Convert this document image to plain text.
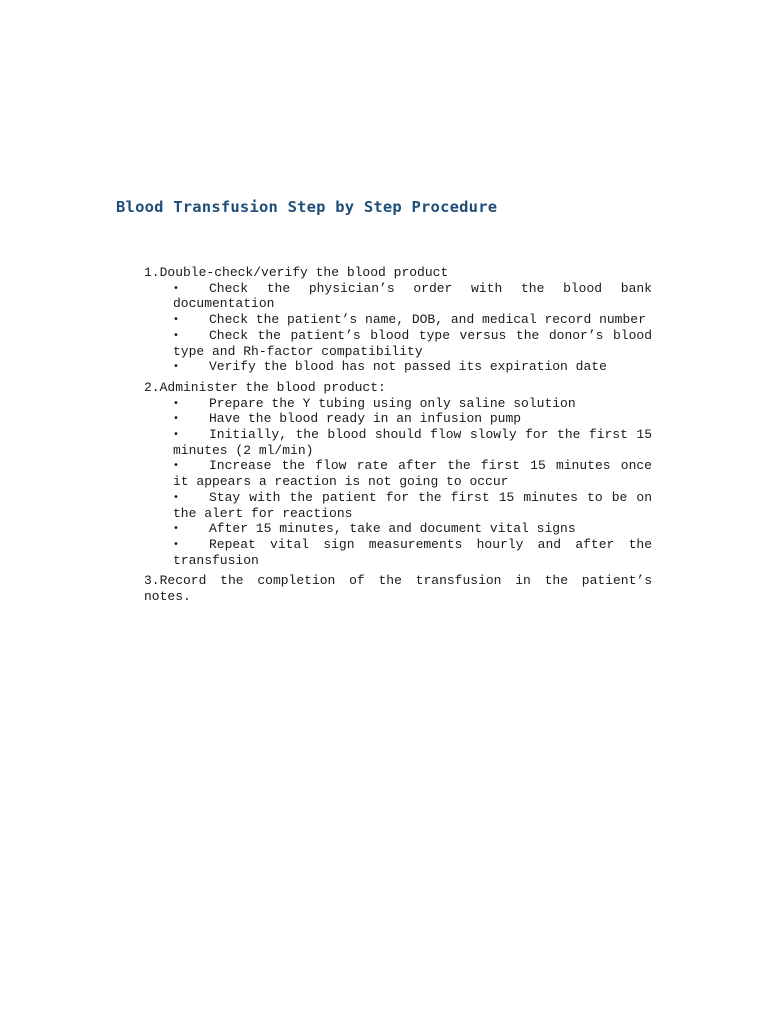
Blood Transfusion Step by Step Procedure
1.Double-check/verify the blood product
• Check the physician’s order with the blood bank documentation
• Check the patient’s name, DOB, and medical record number
• Check the patient’s blood type versus the donor’s blood type and Rh-factor compatibility
• Verify the blood has not passed its expiration date
2.Administer the blood product:
• Prepare the Y tubing using only saline solution
• Have the blood ready in an infusion pump
• Initially, the blood should flow slowly for the first 15 minutes (2 ml/min)
• Increase the flow rate after the first 15 minutes once it appears a reaction is not going to occur
• Stay with the patient for the first 15 minutes to be on the alert for reactions
• After 15 minutes, take and document vital signs
• Repeat vital sign measurements hourly and after the transfusion
3.Record the completion of the transfusion in the patient’s notes.
